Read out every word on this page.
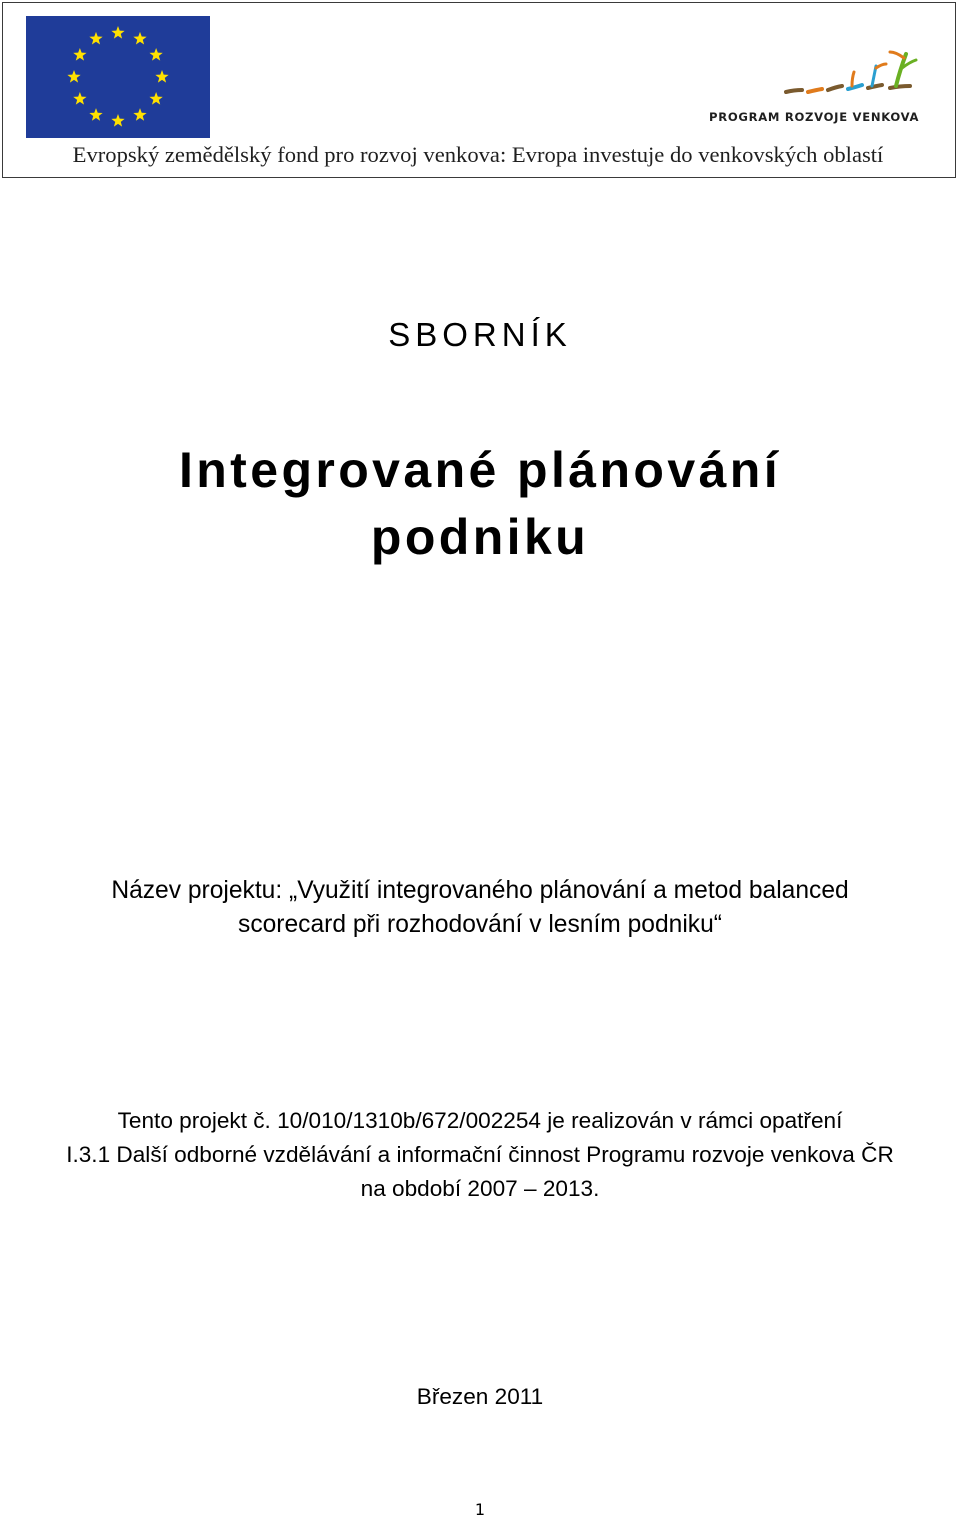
PROGRAM ROZVOJE VENKOVA
Evropský zemědělský fond pro rozvoj venkova: Evropa investuje do venkovských oblastí
SBORNÍK
Integrované plánování
podniku
Název projektu: „Využití integrovaného plánování a metod balanced
scorecard při rozhodování v lesním podniku“
Tento projekt č. 10/010/1310b/672/002254 je realizován v rámci opatření
I.3.1 Další odborné vzdělávání a informační činnost Programu rozvoje venkova ČR
na období 2007 – 2013.
Březen 2011
1
